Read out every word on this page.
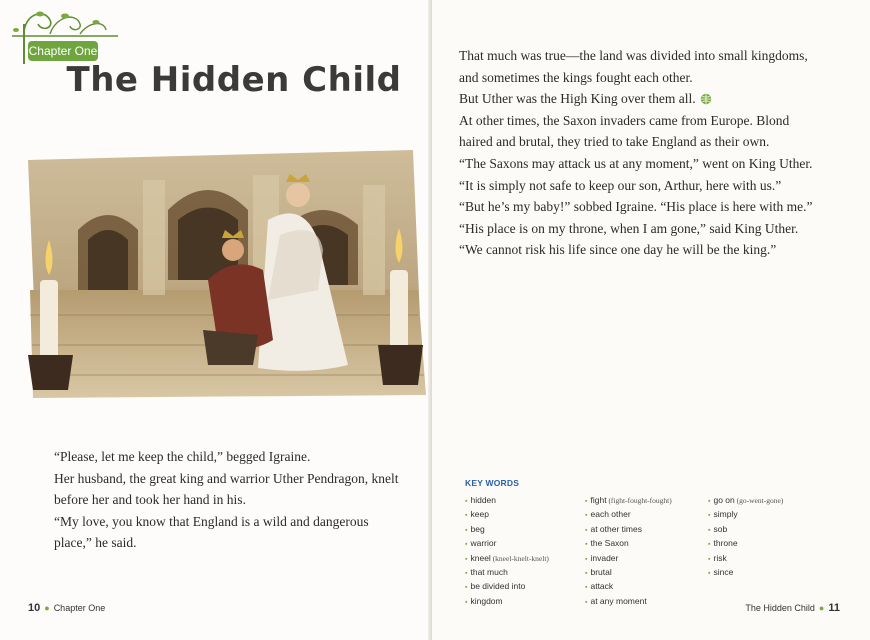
Chapter One
The Hidden Child

“Please, let me keep the child,” begged Igraine.

Her husband, the great king and warrior Uther Pendragon, knelt before her and took her hand in his.

“My love, you know that England is a wild and dangerous place,” he said.

10 ● Chapter One

That much was true—the land was divided into small kingdoms, and sometimes the kings fought each other.

But Uther was the High King over them all.

At other times, the Saxon invaders came from Europe. Blond haired and brutal, they tried to take England as their own.

“The Saxons may attack us at any moment,” went on King Uther. “It is simply not safe to keep our son, Arthur, here with us.”

“But he’s my baby!” sobbed Igraine. “His place is here with me.”

“His place is on my throne, when I am gone,” said King Uther. “We cannot risk his life since one day he will be the king.”

KEY WORDS

▪ hidden
▪ keep
▪ beg
▪ warrior
▪ kneel (kneel-knelt-knelt)
▪ that much
▪ be divided into
▪ kingdom
▪ fight (fight-fought-fought)
▪ each other
▪ at other times
▪ the Saxon
▪ invader
▪ brutal
▪ attack
▪ at any moment
▪ go on (go-went-gone)
▪ simply
▪ sob
▪ throne
▪ risk
▪ since
The Hidden Child ● 11
